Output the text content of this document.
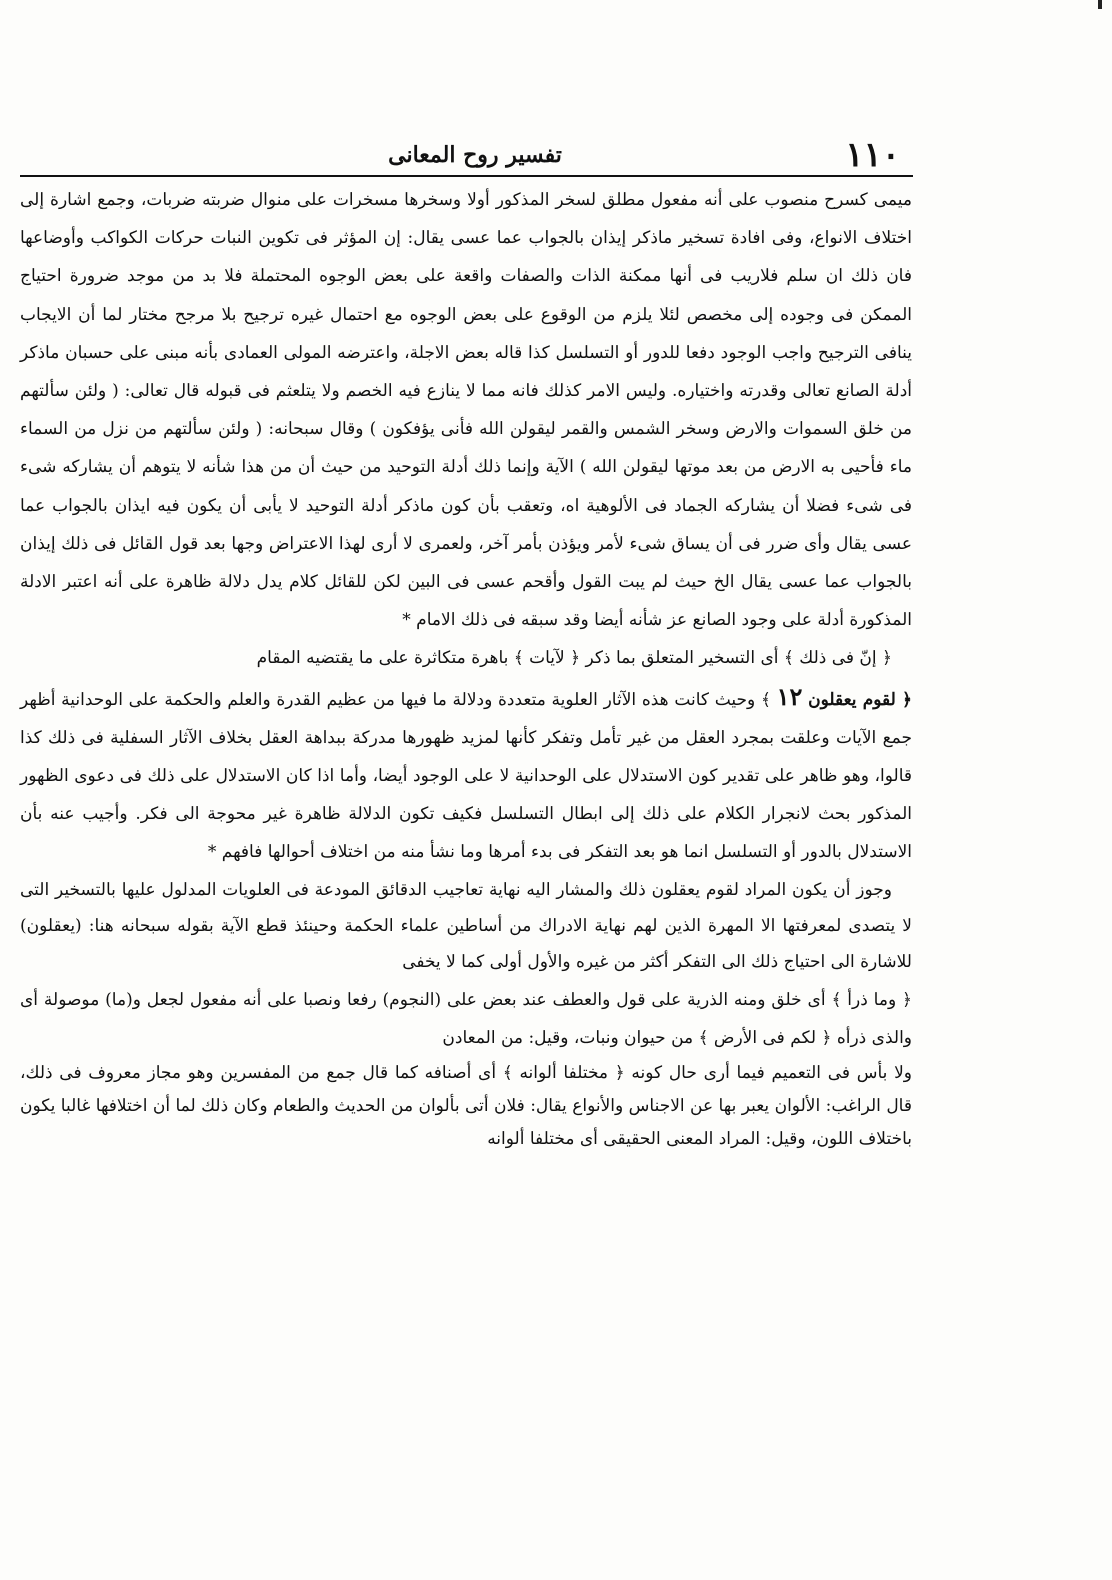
١١٠
تفسير روح المعانى

ميمى كسرح منصوب على أنه مفعول مطلق لسخر المذكور أولا وسخرها مسخرات على منوال ضربته ضربات، وجمع اشارة إلى اختلاف الانواع، وفى افادة تسخير ماذكر إيذان بالجواب عما عسى يقال: إن المؤثر فى تكوين النبات حركات الكواكب وأوضاعها فان ذلك ان سلم فلاريب فى أنها ممكنة الذات والصفات واقعة على بعض الوجوه المحتملة فلا بد من موجد ضرورة احتياج الممكن فى وجوده إلى مخصص لئلا يلزم من الوقوع على بعض الوجوه مع احتمال غيره ترجيح بلا مرجح مختار لما أن الايجاب ينافى الترجيح واجب الوجود دفعا للدور أو التسلسل كذا قاله بعض الاجلة، واعترضه المولى العمادى بأنه مبنى على حسبان ماذكر أدلة الصانع تعالى وقدرته واختياره. وليس الامر كذلك فانه مما لا ينازع فيه الخصم ولا يتلعثم فى قبوله قال تعالى: ( ولئن سألتهم من خلق السموات والارض وسخر الشمس والقمر ليقولن الله فأنى يؤفكون ) وقال سبحانه: ( ولئن سألتهم من نزل من السماء ماء فأحيى به الارض من بعد موتها ليقولن الله ) الآية وإنما ذلك أدلة التوحيد من حيث أن من هذا شأنه لا يتوهم أن يشاركه شىء فى شىء فضلا أن يشاركه الجماد فى الألوهية اه، وتعقب بأن كون ماذكر أدلة التوحيد لا يأبى أن يكون فيه ايذان بالجواب عما عسى يقال وأى ضرر فى أن يساق شىء لأمر ويؤذن بأمر آخر، ولعمرى لا أرى لهذا الاعتراض وجها بعد قول القائل فى ذلك إيذان بالجواب عما عسى يقال الخ حيث لم يبت القول وأقحم عسى فى البين لكن للقائل كلام يدل دلالة ظاهرة على أنه اعتبر الادلة المذكورة أدلة على وجود الصانع عز شأنه أيضا وقد سبقه فى ذلك الامام *

﴿ إنّ فى ذلك ﴾ أى التسخير المتعلق بما ذكر ﴿ لآيات ﴾ باهرة متكاثرة على ما يقتضيه المقام

﴿ لقوم يعقلون ١٢ ﴾ وحيث كانت هذه الآثار العلوية متعددة ودلالة ما فيها من عظيم القدرة والعلم والحكمة على الوحدانية أظهر جمع الآيات وعلقت بمجرد العقل من غير تأمل وتفكر كأنها لمزيد ظهورها مدركة ببداهة العقل بخلاف الآثار السفلية فى ذلك كذا قالوا، وهو ظاهر على تقدير كون الاستدلال على الوحدانية لا على الوجود أيضا، وأما اذا كان الاستدلال على ذلك فى دعوى الظهور المذكور بحث لانجرار الكلام على ذلك إلى ابطال التسلسل فكيف تكون الدلالة ظاهرة غير محوجة الى فكر. وأجيب عنه بأن الاستدلال بالدور أو التسلسل انما هو بعد التفكر فى بدء أمرها وما نشأ منه من اختلاف أحوالها فافهم *

وجوز أن يكون المراد لقوم يعقلون ذلك والمشار اليه نهاية تعاجيب الدقائق المودعة فى العلويات المدلول عليها بالتسخير التى لا يتصدى لمعرفتها الا المهرة الذين لهم نهاية الادراك من أساطين علماء الحكمة وحينئذ قطع الآية بقوله سبحانه هنا: (يعقلون) للاشارة الى احتياج ذلك الى التفكر أكثر من غيره والأول أولى كما لا يخفى

﴿ وما ذرأ ﴾ أى خلق ومنه الذرية على قول والعطف عند بعض على (النجوم) رفعا ونصبا على أنه مفعول لجعل و(ما) موصولة أى والذى ذرأه ﴿ لكم فى الأرض ﴾ من حيوان ونبات، وقيل: من المعادن

ولا بأس فى التعميم فيما أرى حال كونه ﴿ مختلفا ألوانه ﴾ أى أصنافه كما قال جمع من المفسرين وهو مجاز معروف فى ذلك، قال الراغب: الألوان يعبر بها عن الاجناس والأنواع يقال: فلان أتى بألوان من الحديث والطعام وكان ذلك لما أن اختلافها غالبا يكون باختلاف اللون، وقيل: المراد المعنى الحقيقى أى مختلفا ألوانه
